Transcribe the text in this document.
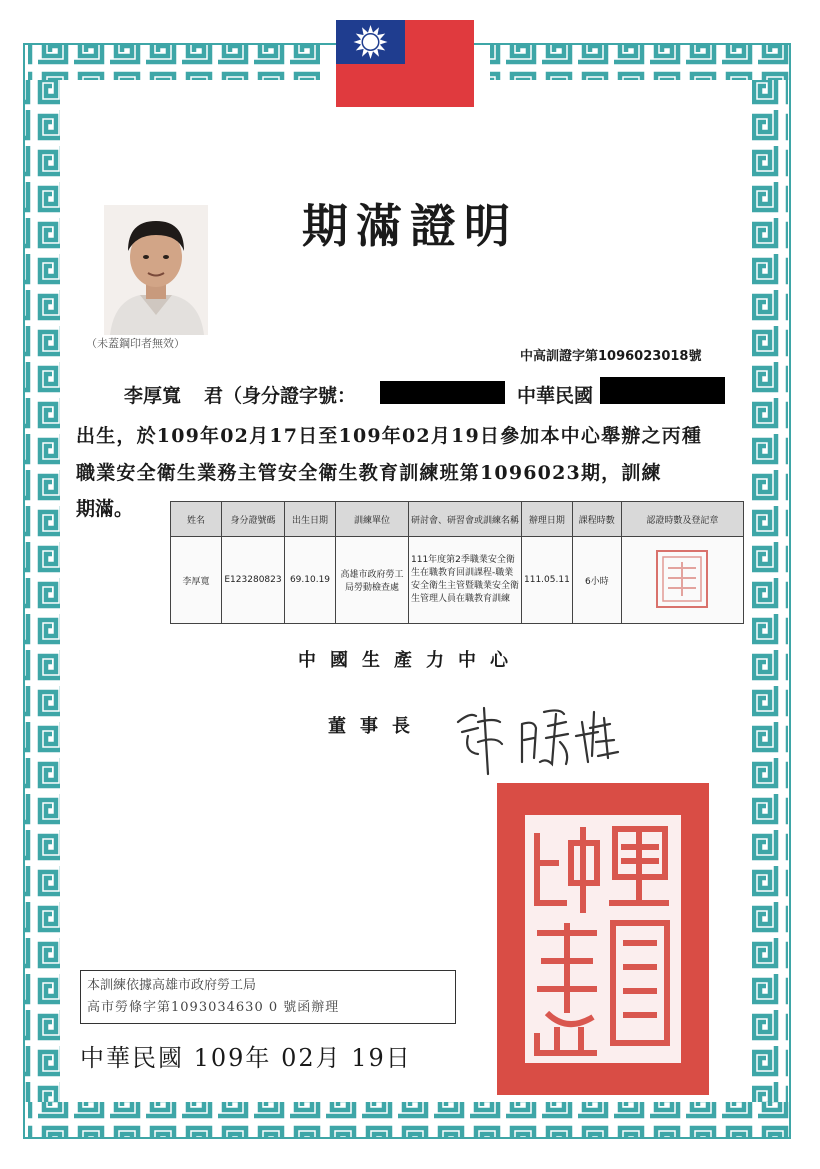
（未蓋鋼印者無效）
期滿證明
中高訓證字第1096023018號
李厚寬 君（身分證字號：	中華民國
出生，於109年02月17日至109年02月19日參加本中心舉辦之丙種
職業安全衛生業務主管安全衛生教育訓練班第1096023期，訓練
期滿。
姓名	身分證號碼	出生日期	訓練單位	研討會、研習會或訓練名稱	辦理日期	課程時數	認證時數及登記章
李厚寬	E123280823	69.10.19	高雄市政府勞工局勞動檢查處	111年度第2季職業安全衛生在職教育回訓課程-職業安全衛生主管暨職業安全衛生管理人員在職教育訓練	111.05.11	6小時	
中國生產力中心
董事長
本訓練依據高雄市政府勞工局
高市勞條字第1093034630 0 號函辦理
中華民國 109年 02月 19日
